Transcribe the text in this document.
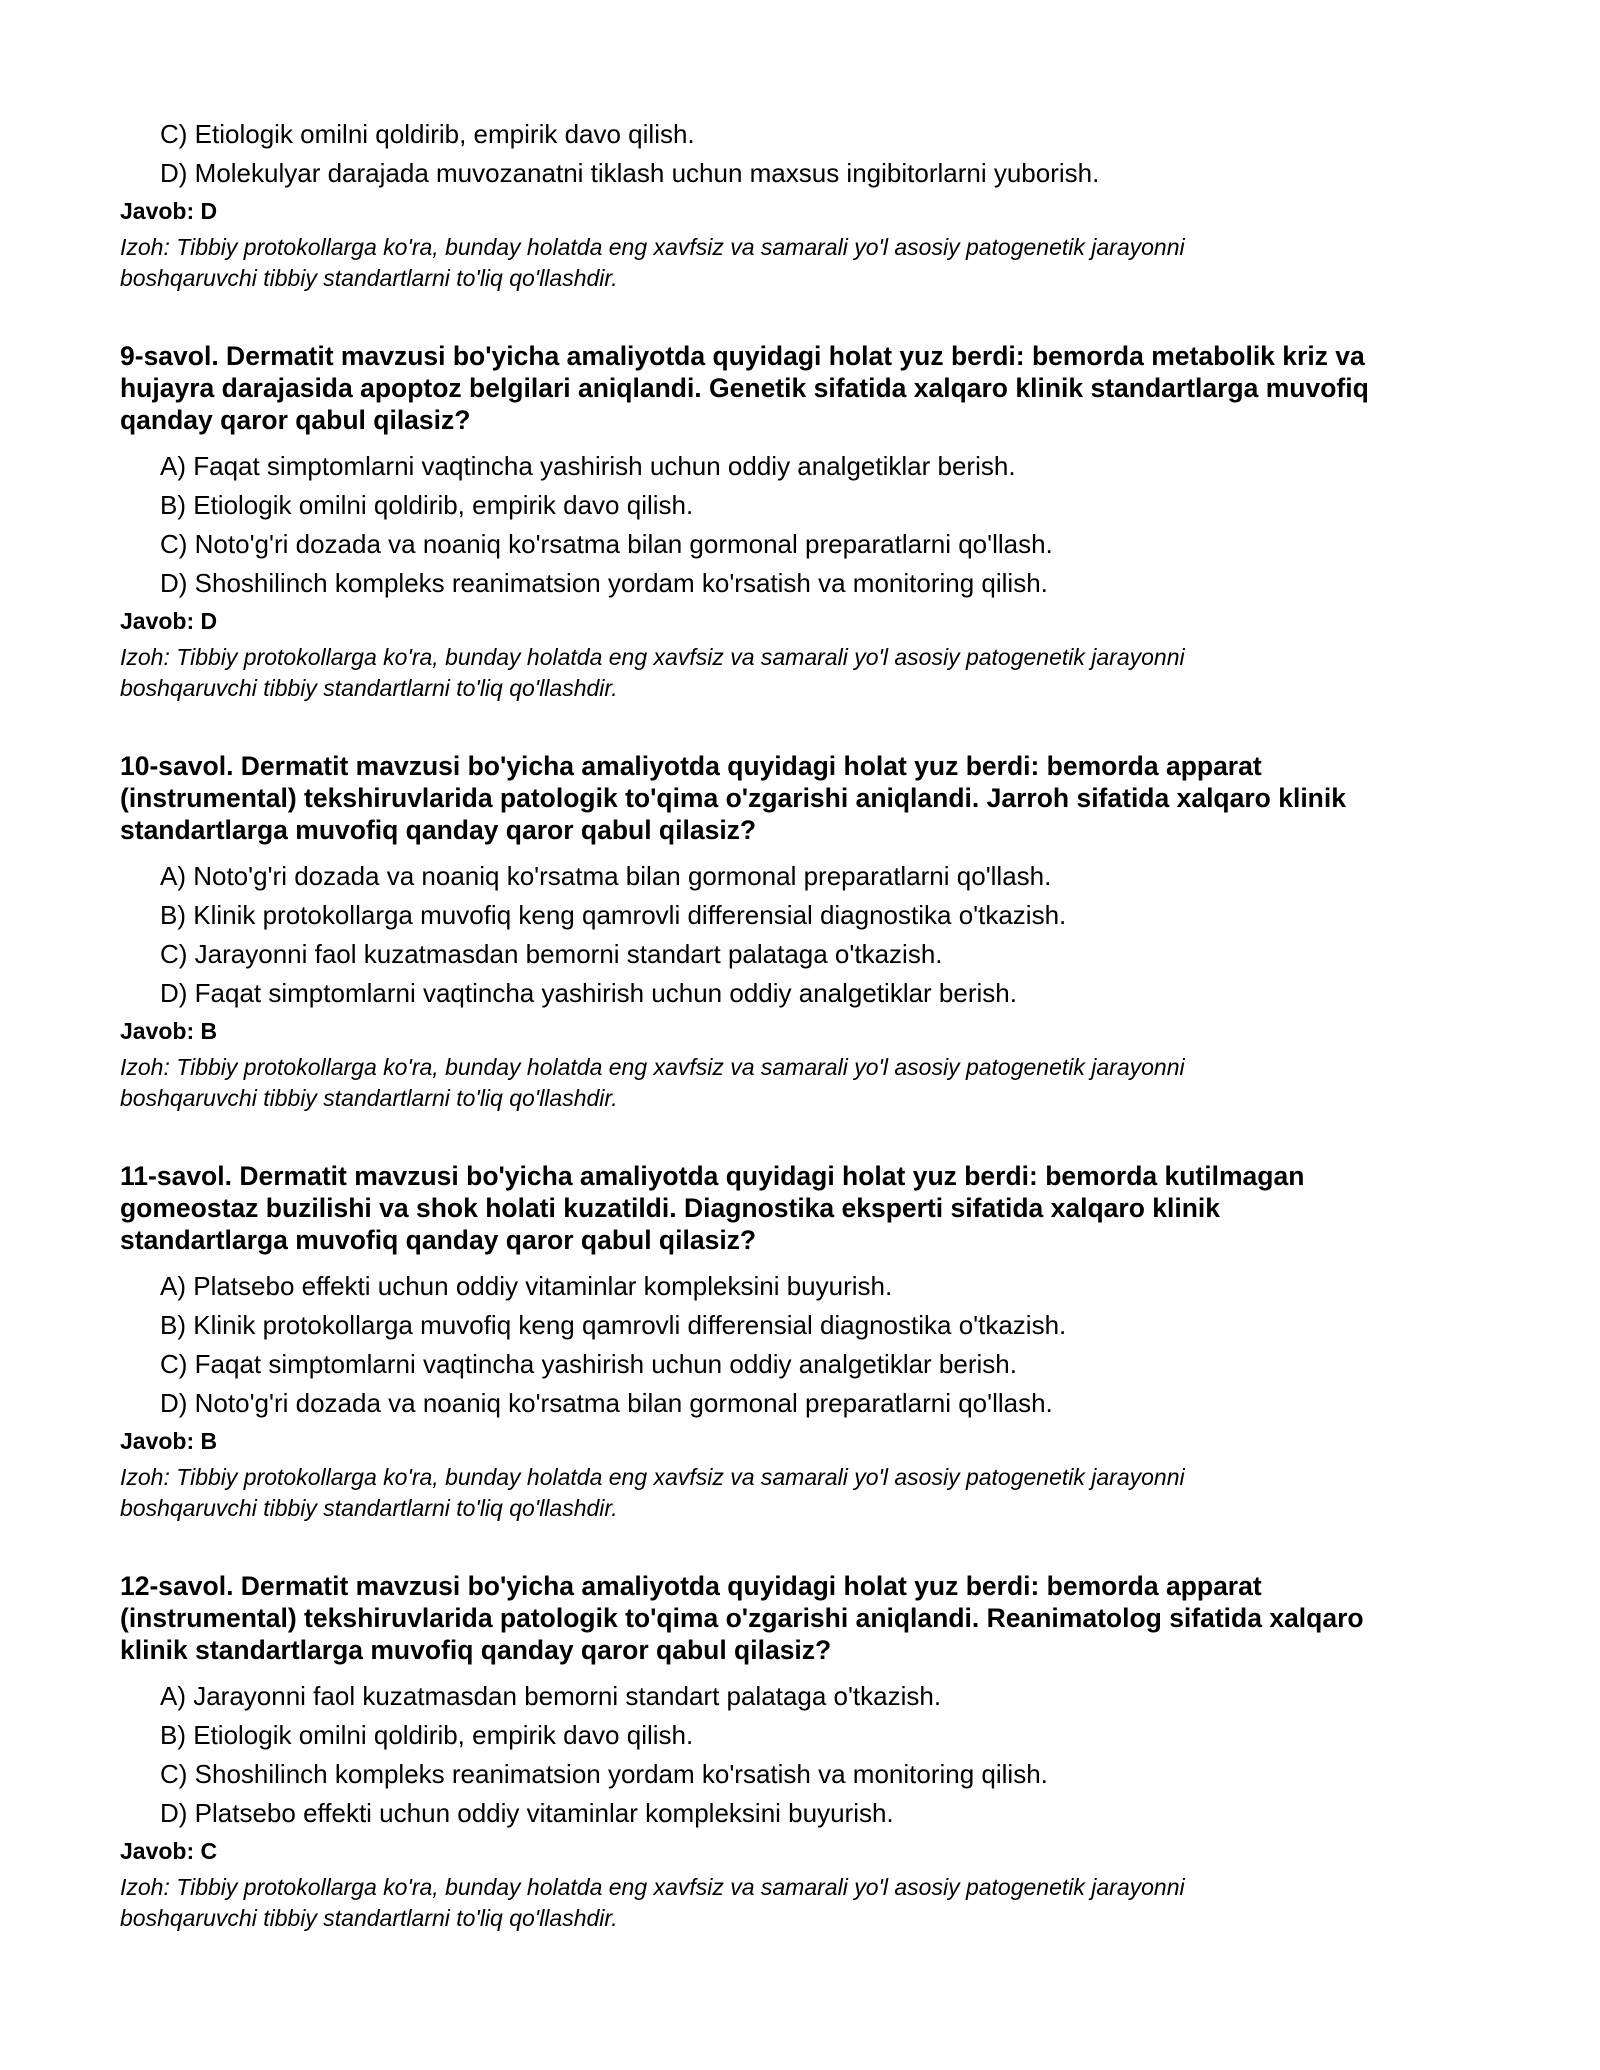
C) Etiologik omilni qoldirib, empirik davo qilish.

D) Molekulyar darajada muvozanatni tiklash uchun maxsus ingibitorlarni yuborish.

Javob: D

Izoh: Tibbiy protokollarga ko'ra, bunday holatda eng xavfsiz va samarali yo'l asosiy patogenetik jarayonni
boshqaruvchi tibbiy standartlarni to'liq qo'llashdir.

9-savol. Dermatit mavzusi bo'yicha amaliyotda quyidagi holat yuz berdi: bemorda metabolik kriz va
hujayra darajasida apoptoz belgilari aniqlandi. Genetik sifatida xalqaro klinik standartlarga muvofiq
qanday qaror qabul qilasiz?

A) Faqat simptomlarni vaqtincha yashirish uchun oddiy analgetiklar berish.

B) Etiologik omilni qoldirib, empirik davo qilish.

C) Noto'g'ri dozada va noaniq ko'rsatma bilan gormonal preparatlarni qo'llash.

D) Shoshilinch kompleks reanimatsion yordam ko'rsatish va monitoring qilish.

Javob: D

Izoh: Tibbiy protokollarga ko'ra, bunday holatda eng xavfsiz va samarali yo'l asosiy patogenetik jarayonni
boshqaruvchi tibbiy standartlarni to'liq qo'llashdir.

10-savol. Dermatit mavzusi bo'yicha amaliyotda quyidagi holat yuz berdi: bemorda apparat
(instrumental) tekshiruvlarida patologik to'qima o'zgarishi aniqlandi. Jarroh sifatida xalqaro klinik
standartlarga muvofiq qanday qaror qabul qilasiz?

A) Noto'g'ri dozada va noaniq ko'rsatma bilan gormonal preparatlarni qo'llash.

B) Klinik protokollarga muvofiq keng qamrovli differensial diagnostika o'tkazish.

C) Jarayonni faol kuzatmasdan bemorni standart palataga o'tkazish.

D) Faqat simptomlarni vaqtincha yashirish uchun oddiy analgetiklar berish.

Javob: B

Izoh: Tibbiy protokollarga ko'ra, bunday holatda eng xavfsiz va samarali yo'l asosiy patogenetik jarayonni
boshqaruvchi tibbiy standartlarni to'liq qo'llashdir.

11-savol. Dermatit mavzusi bo'yicha amaliyotda quyidagi holat yuz berdi: bemorda kutilmagan
gomeostaz buzilishi va shok holati kuzatildi. Diagnostika eksperti sifatida xalqaro klinik
standartlarga muvofiq qanday qaror qabul qilasiz?

A) Platsebo effekti uchun oddiy vitaminlar kompleksini buyurish.

B) Klinik protokollarga muvofiq keng qamrovli differensial diagnostika o'tkazish.

C) Faqat simptomlarni vaqtincha yashirish uchun oddiy analgetiklar berish.

D) Noto'g'ri dozada va noaniq ko'rsatma bilan gormonal preparatlarni qo'llash.

Javob: B

Izoh: Tibbiy protokollarga ko'ra, bunday holatda eng xavfsiz va samarali yo'l asosiy patogenetik jarayonni
boshqaruvchi tibbiy standartlarni to'liq qo'llashdir.

12-savol. Dermatit mavzusi bo'yicha amaliyotda quyidagi holat yuz berdi: bemorda apparat
(instrumental) tekshiruvlarida patologik to'qima o'zgarishi aniqlandi. Reanimatolog sifatida xalqaro
klinik standartlarga muvofiq qanday qaror qabul qilasiz?

A) Jarayonni faol kuzatmasdan bemorni standart palataga o'tkazish.

B) Etiologik omilni qoldirib, empirik davo qilish.

C) Shoshilinch kompleks reanimatsion yordam ko'rsatish va monitoring qilish.

D) Platsebo effekti uchun oddiy vitaminlar kompleksini buyurish.

Javob: C

Izoh: Tibbiy protokollarga ko'ra, bunday holatda eng xavfsiz va samarali yo'l asosiy patogenetik jarayonni
boshqaruvchi tibbiy standartlarni to'liq qo'llashdir.
